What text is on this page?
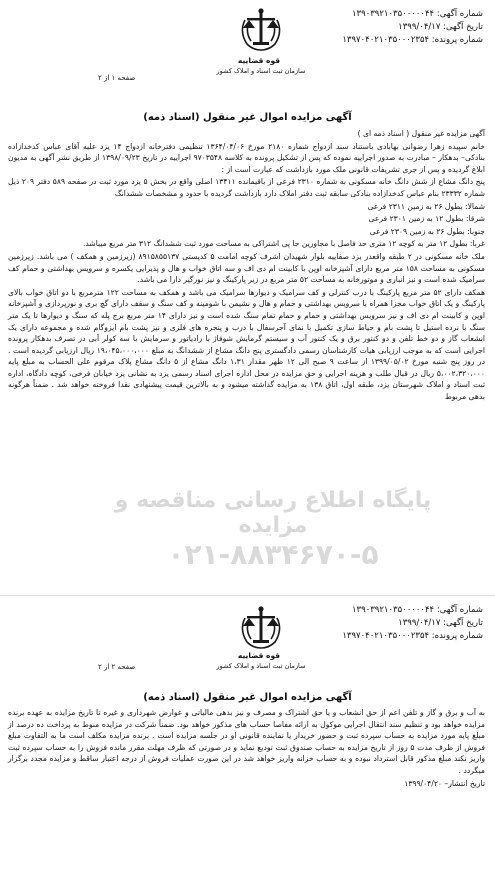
شماره آگهی: ۱۳۹۰۳۹۲۱۰۳۵۰۰۰۰۰۴۴
تاریخ آگهی: ۱۳۹۹/۰۴/۱۷
شماره پرونده: ۱۳۹۷۰۴۰۲۱۰۳۵۰۰۰۲۳۵۴
قوه قضاییه
سازمان ثبت اسناد و املاک کشور
صفحه ۱ از ۲
آگهی مزایده اموال غیر منقول (اسناد ذمه)

آگهی مزایده غیر منقول ( اسناد ذمه ای )

خانم سپیده زهرا رضوانی بهابادی باستناد سند ازدواج شماره ۲۱۸۰ مورخ ۱۳۶۴/۰۴/۰۶ تنظیمی دفترخانه ازدواج ۱۴ یزد علیه آقای عباس کدخدازاده بنادکی– بدهکار – مبادرت به صدور اجراییه نموده که پس از تشکیل پرونده به کلاسه ۹۷۰۳۵۴۸ اجراییه در تاریخ ۱۳۹۸/۰۹/۲۳ از طریق نشر آگهی به مدیون ابلاغ گردیده و پس از جری تشریفات قانونی ملک مورد بازداشت که عبارت است از :

پنج دانگ مشاع از شش دانگ خانه مسکونی به شماره ۲۳۱۰ فرعی از باقیمانده ۱۳۴۱۱ اصلی واقع در بخش ۵ یزد مورد ثبت در صفحه ۵۸۹ دفتر ۲۰۹ ذیل شماره ۲۳۳۳۲ بنام عباس کدخدازاده بنادکی سابقه ثبت دفتر املاک دارد بازداشت گردیده با حدود و مشخصات ششدانگ

شمالا: بطول ۲۶ به زمین ۲۳۱۱ فرعی

شرقا: بطول ۱۲ به زمین ۲۳۰۱ فرعی

جنوبا: بطول ۲۶ به زمین ۲۳۰۹ فرعی

غربا: بطول ۱۲ متر به کوچه ۱۲ متری حد فاصل با مجاورین جا پی اشتراکی به مساحت مورد ثبت ششدانگ ۳۱۲ متر مربع میباشد.

ملک خانه مسکونی در ۲ طبقه واقعدر یزد صفاییه بلوار شهیدان اشرف کوچه امامت ۵ کدپستی ۸۹۱۵۸۵۵۱۳۷ (زیرزمین و همکف ) می باشد. زیرزمین مسکونی به مساحت ۱۵۸ متر مربع دارای آشپزخانه اوپن با کابینت ام دی اف و سه اتاق خواب و هال و پذیرایی یکسره و سرویس بهداشتی و حمام کف سرامیک شده است و نیز انباری و موتورخانه به مساحت ۵۲ متر مربع در زیر پارکینگ و نیز نورگیر دارا می باشد.

همکف دارای ۵۲ متر مربع پارکینگ با درب کنترلی و کف سرامیک و دیوارها سرامیک می باشد و همکف به مساحت ۱۲۲ مترمربع با دو اتاق خواب بالای پارکینگ و یک اتاق خواب مجزا همراه با سرویس بهداشتی و حمام و هال و نشیمن با شومینه و کف سنگ و سقف دارای گچ بری و نورپردازی و آشپزخانه اوپن و کابینت ام دی اف و نیز سرویس بهداشتی و حمام و حمام تمام سنگ شده است و نیز دارای ۱۴ متر مربع برج پله که سنگ و دیوارها تا یک متر سنگ با نرده استیل تا پشت بام و حیاط سازی تکمیل با نمای آجرسفال با درب و پنجره های فلزی و نیز پشت بام ایزوگام شده و مجموعه دارای یک انشعاب گاز و دو خط تلفن و دو کنتور برق و یک کنتور آب و سیستم گرمایش شوفاژ با رادیاتور و سرمایش با سه کولر آبی در تصرف بدهکار پرونده اجرایی است که به موجب ارزیابی هیات کارشناسان رسمی دادگستری پنج دانگ مشاع از ششدانگ به مبلغ ۱۹،۰۴۵،۰۰۰،۰۰۰ ریال ارزیابی گردیده است . در روز پنج شنبه مورخ ۱۳۹۹/۰۵/۰۲ از ساعت ۹ صبح الی ۱۲ ظهر مقدار ۱،۳۱ دانگ مشاع از ۵ دانگ مشاع پلاک مرقوم علی الحساب به مبلغ پایه ۵،۰۰۲،۳۲۰،۰۰۰ ریال در قبال طلب و هزینه اجرایی و حق مزایده در محل اداره اجرای اسناد رسمی یزد به نشانی یزد خیابان فرخی، کوچه دادگاه، اداره ثبت اسناد و املاک شهرستان یزد، طبقه اول، اتاق ۱۳۸ به مزایده گذاشته میشود و به بالاترین قیمت پیشنهادی نقدا فروخته خواهد شد . ضمناً هرگونه بدهی مربوط

پایگاه اطلاع رسانی مناقصه و مزایده
۰۲۱-۸۸۳۴۶۷۰-۵
شماره آگهی: ۱۳۹۰۳۹۲۱۰۳۵۰۰۰۰۰۴۴
تاریخ آگهی: ۱۳۹۹/۰۴/۱۷
شماره پرونده: ۱۳۹۷۰۴۰۲۱۰۳۵۰۰۰۲۳۵۴
قوه قضاییه
سازمان ثبت اسناد و املاک کشور
صفحه ۲ از ۲
آگهی مزایده اموال غیر منقول (اسناد ذمه)

به آب و برق و گاز و تلفن اعم از حق انشعاب و یا حق اشتراک و مصرف و نیز بدهی مالیاتی و عوارض شهرداری و غیره تا تاریخ مزایده به عهده برنده مزایده خواهد بود و تنظیم سند انتقال اجرایی موکول به ارائه مفاصا حساب های مذکور خواهد بود. ضمناً شرکت در مزایده منوط به پرداخت ده درصد از مبلغ پایه مورد مزایده به حساب سپرده ثبت و حضور خریدار یا نماینده قانونی او در جلسه مزایده است . برنده مزایده مکلف است ما به التفاوت مبلغ فروش از ظرف مدت ۵ روز از تاریخ مزایده به حساب صندوق ثبت تودیع نماید و در صورتی که ظرف مهلت مقرر مانده فروش را به حساب سپرده ثبت واریز نکند مبلغ مذکور قابل استرداد نبوده و به حساب خزانه واریز خواهد شد در این صورت عملیات فروش از درجه اعتبار ساقط و مزایده مجدد برگزار میگردد .

تاریخ انتشار– ۱۳۹۹/۰۴/۲۰
